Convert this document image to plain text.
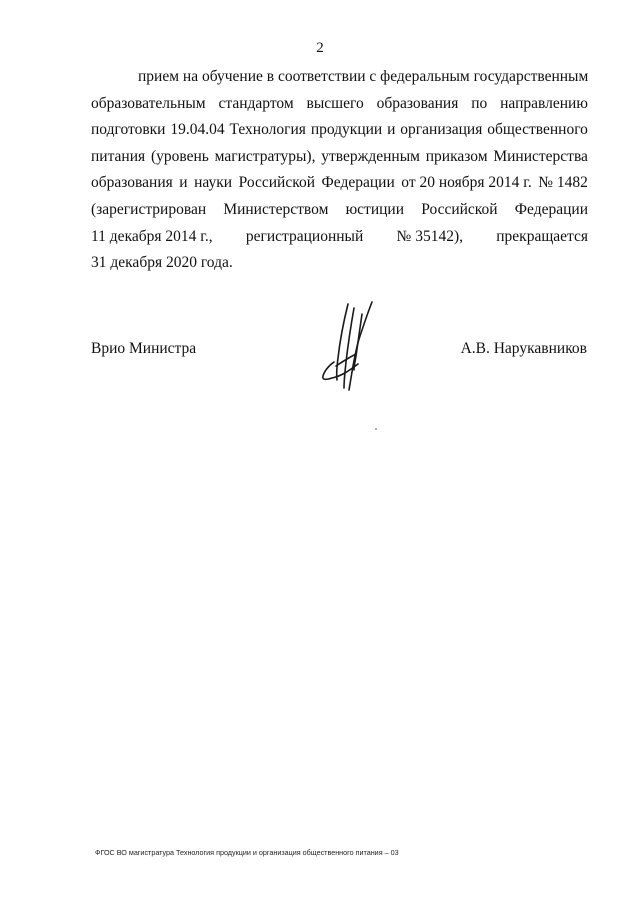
2
прием на обучение в соответствии с федеральным государственным
образовательным стандартом высшего образования по направлению
подготовки 19.04.04 Технология продукции и организация общественного
питания (уровень магистратуры), утвержденным приказом Министерства
образования и науки Российской Федерации от 20 ноября 2014 г. № 1482
(зарегистрирован Министерством юстиции Российской Федерации
11 декабря 2014 г., регистрационный № 35142), прекращается
31 декабря 2020 года.
Врио Министра	А.В. Нарукавников
ФГОС ВО магистратура Технология продукции и организация общественного питания – 03
